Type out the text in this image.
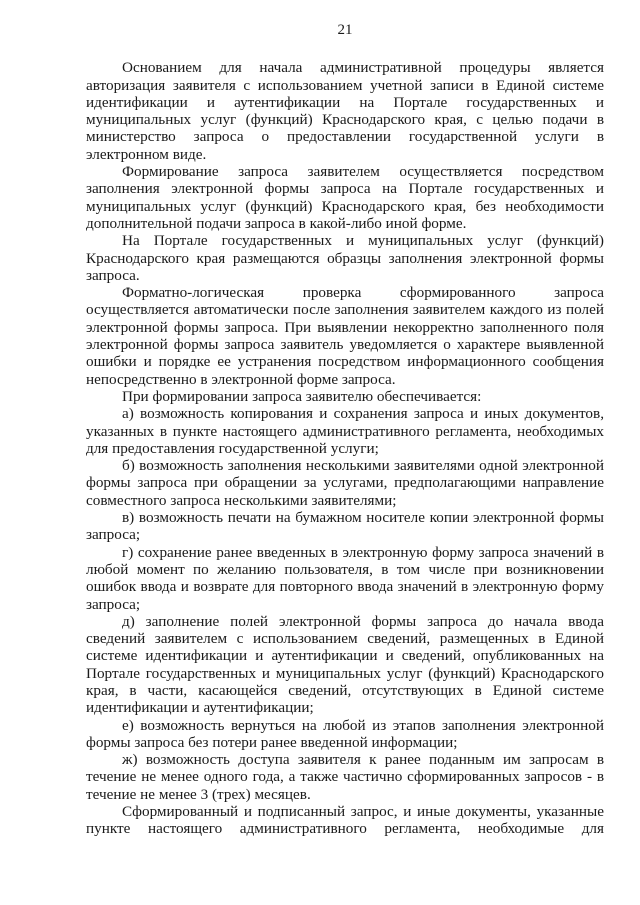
21

Основанием для начала административной процедуры является авторизация заявителя с использованием учетной записи в Единой системе идентификации и аутентификации на Портале государственных и муниципальных услуг (функций) Краснодарского края, с целью подачи в министерство запроса о предоставлении государственной услуги в электронном виде.

Формирование запроса заявителем осуществляется посредством заполнения электронной формы запроса на Портале государственных и муниципальных услуг (функций) Краснодарского края, без необходимости дополнительной подачи запроса в какой-либо иной форме.

На Портале государственных и муниципальных услуг (функций) Краснодарского края размещаются образцы заполнения электронной формы запроса.

Форматно-логическая проверка сформированного запроса осуществляется автоматически после заполнения заявителем каждого из полей электронной формы запроса. При выявлении некорректно заполненного поля электронной формы запроса заявитель уведомляется о характере выявленной ошибки и порядке ее устранения посредством информационного сообщения непосредственно в электронной форме запроса.

При формировании запроса заявителю обеспечивается:

а) возможность копирования и сохранения запроса и иных документов, указанных в пункте настоящего административного регламента, необходимых для предоставления государственной услуги;

б) возможность заполнения несколькими заявителями одной электронной формы запроса при обращении за услугами, предполагающими направление совместного запроса несколькими заявителями;

в) возможность печати на бумажном носителе копии электронной формы запроса;

г) сохранение ранее введенных в электронную форму запроса значений в любой момент по желанию пользователя, в том числе при возникновении ошибок ввода и возврате для повторного ввода значений в электронную форму запроса;

д) заполнение полей электронной формы запроса до начала ввода сведений заявителем с использованием сведений, размещенных в Единой системе идентификации и аутентификации и сведений, опубликованных на Портале государственных и муниципальных услуг (функций) Краснодарского края, в части, касающейся сведений, отсутствующих в Единой системе идентификации и аутентификации;

е) возможность вернуться на любой из этапов заполнения электронной формы запроса без потери ранее введенной информации;

ж) возможность доступа заявителя к ранее поданным им запросам в течение не менее одного года, а также частично сформированных запросов - в течение не менее 3 (трех) месяцев.

Сформированный и подписанный запрос, и иные документы, указанные пункте настоящего административного регламента, необходимые для
